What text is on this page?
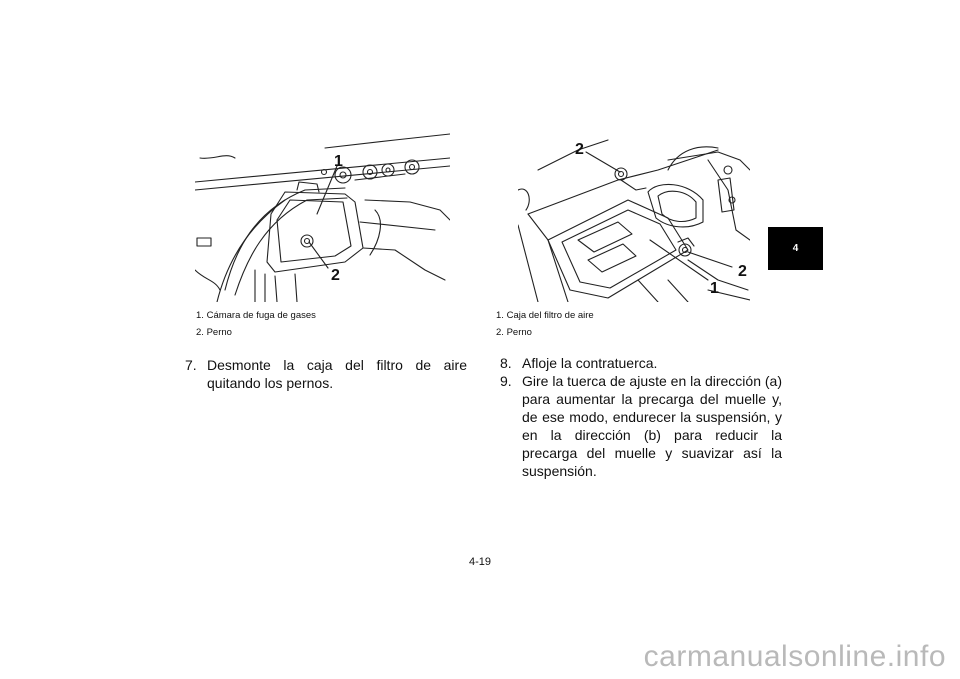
1
2
1. Cámara de fuga de gases
2. Perno
2
2
1
1. Caja del filtro de aire
2. Perno
7. Desmonte la caja del filtro de aire quitando los pernos.
8. Afloje la contratuerca.
9. Gire la tuerca de ajuste en la dirección (a) para aumentar la precarga del muelle y, de ese modo, endurecer la suspensión, y en la dirección (b) para reducir la precarga del muelle y suavizar así la suspensión.
4
4-19
carmanualsonline.info
